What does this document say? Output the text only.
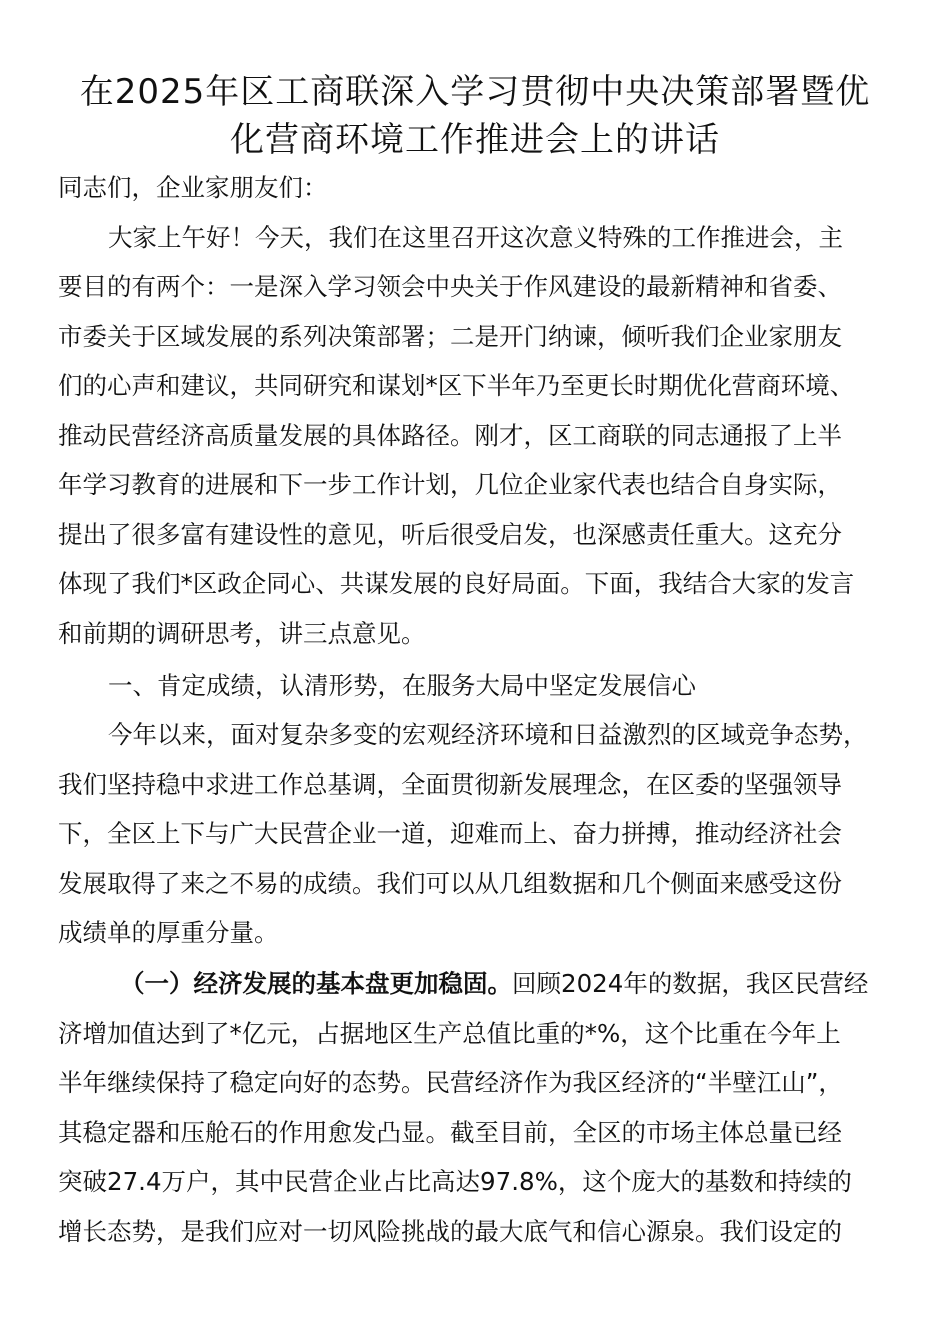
在2025年区工商联深入学习贯彻中央决策部署暨优
化营商环境工作推进会上的讲话

同志们，企业家朋友们：

大家上午好！今天，我们在这里召开这次意义特殊的工作推进会，主

要目的有两个：一是深入学习领会中央关于作风建设的最新精神和省委、

市委关于区域发展的系列决策部署；二是开门纳谏，倾听我们企业家朋友

们的心声和建议，共同研究和谋划*区下半年乃至更长时期优化营商环境、

推动民营经济高质量发展的具体路径。刚才，区工商联的同志通报了上半

年学习教育的进展和下一步工作计划，几位企业家代表也结合自身实际，

提出了很多富有建设性的意见，听后很受启发，也深感责任重大。这充分

体现了我们*区政企同心、共谋发展的良好局面。下面，我结合大家的发言

和前期的调研思考，讲三点意见。

一、肯定成绩，认清形势，在服务大局中坚定发展信心

今年以来，面对复杂多变的宏观经济环境和日益激烈的区域竞争态势，

我们坚持稳中求进工作总基调，全面贯彻新发展理念，在区委的坚强领导

下，全区上下与广大民营企业一道，迎难而上、奋力拼搏，推动经济社会

发展取得了来之不易的成绩。我们可以从几组数据和几个侧面来感受这份

成绩单的厚重分量。

（一）经济发展的基本盘更加稳固。回顾2024年的数据，我区民营经

济增加值达到了*亿元，占据地区生产总值比重的*%，这个比重在今年上

半年继续保持了稳定向好的态势。民营经济作为我区经济的“半壁江山”，

其稳定器和压舱石的作用愈发凸显。截至目前，全区的市场主体总量已经

突破27.4万户，其中民营企业占比高达97.8%，这个庞大的基数和持续的

增长态势，是我们应对一切风险挑战的最大底气和信心源泉。我们设定的
